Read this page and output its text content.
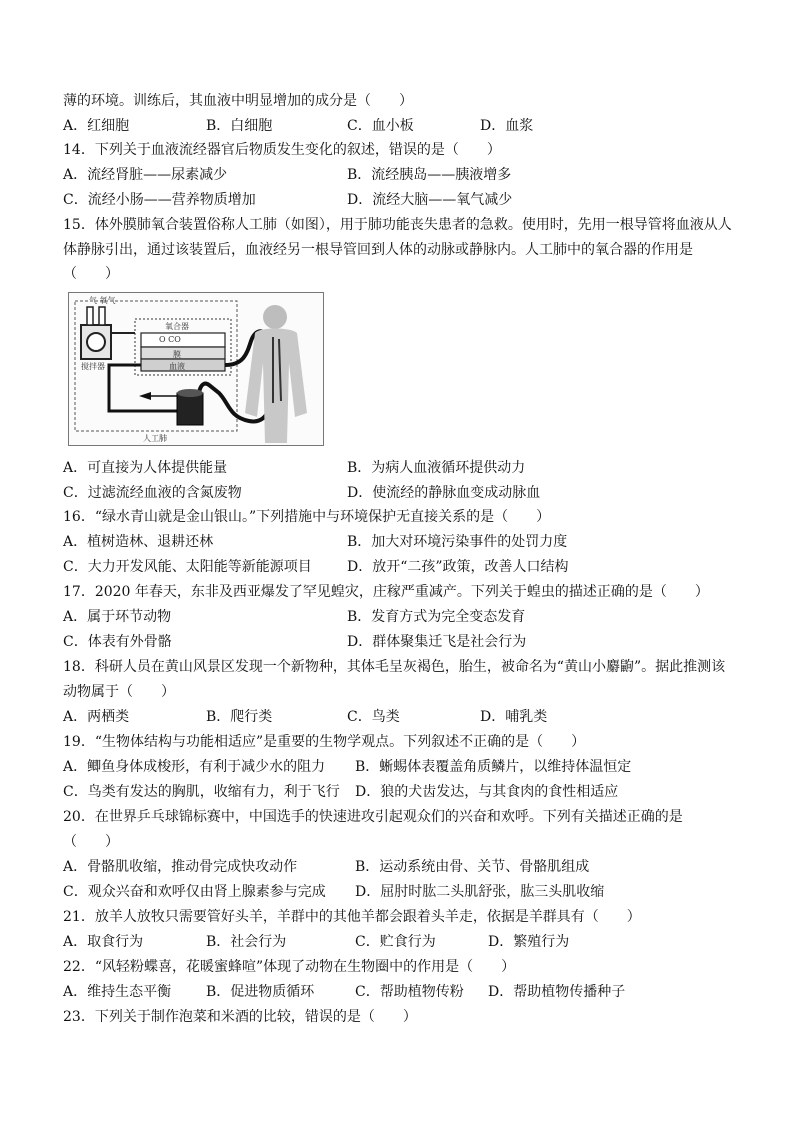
薄的环境。训练后，其血液中明显增加的成分是（　　）
A．红细胞	B．白细胞	C．血小板	D．血浆
14．下列关于血液流经器官后物质发生变化的叙述，错误的是（　　）
A．流经肾脏——尿素减少	B．流经胰岛——胰液增多
C．流经小肠——营养物质增加	D．流经大脑——氧气减少
15．体外膜肺氧合装置俗称人工肺（如图），用于肺功能丧失患者的急救。使用时，先用一根导管将血液从人
体静脉引出，通过该装置后，血液经另一根导管回到人体的动脉或静脉内。人工肺中的氧合器的作用是
（　　）
气 氧气
氧合器
O CO
膜
血液
搅拌器
人工肺
A．可直接为人体提供能量	B．为病人血液循环提供动力
C．过滤流经血液的含氮废物	D．使流经的静脉血变成动脉血
16．“绿水青山就是金山银山。”下列措施中与环境保护无直接关系的是（　　）
A．植树造林、退耕还林	B．加大对环境污染事件的处罚力度
C．大力开发风能、太阳能等新能源项目	D．放开“二孩”政策，改善人口结构
17．2020 年春天，东非及西亚爆发了罕见蝗灾，庄稼严重减产。下列关于蝗虫的描述正确的是（　　）
A．属于环节动物	B．发育方式为完全变态发育
C．体表有外骨骼	D．群体聚集迁飞是社会行为
18．科研人员在黄山风景区发现一个新物种，其体毛呈灰褐色，胎生，被命名为“黄山小麝鼩”。据此推测该
动物属于（　　）
A．两栖类	B．爬行类	C．鸟类	D．哺乳类
19．“生物体结构与功能相适应”是重要的生物学观点。下列叙述不正确的是（　　）
A．鲫鱼身体成梭形，有利于减少水的阻力 B．蜥蜴体表覆盖角质鳞片，以维持体温恒定
C．鸟类有发达的胸肌，收缩有力，利于飞行 D．狼的犬齿发达，与其食肉的食性相适应
20．在世界乒乓球锦标赛中，中国选手的快速进攻引起观众们的兴奋和欢呼。下列有关描述正确的是
（　　）
A．骨骼肌收缩，推动骨完成快攻动作	B．运动系统由骨、关节、骨骼肌组成
C．观众兴奋和欢呼仅由肾上腺素参与完成 D．屈肘时肱二头肌舒张，肱三头肌收缩
21．放羊人放牧只需要管好头羊，羊群中的其他羊都会跟着头羊走，依据是羊群具有（　　）
A．取食行为	B．社会行为	C．贮食行为	D．繁殖行为
22．“风轻粉蝶喜，花暖蜜蜂喧”体现了动物在生物圈中的作用是（　　）
A．维持生态平衡 B．促进物质循环	C．帮助植物传粉 D．帮助植物传播种子
23．下列关于制作泡菜和米酒的比较，错误的是（　　）
